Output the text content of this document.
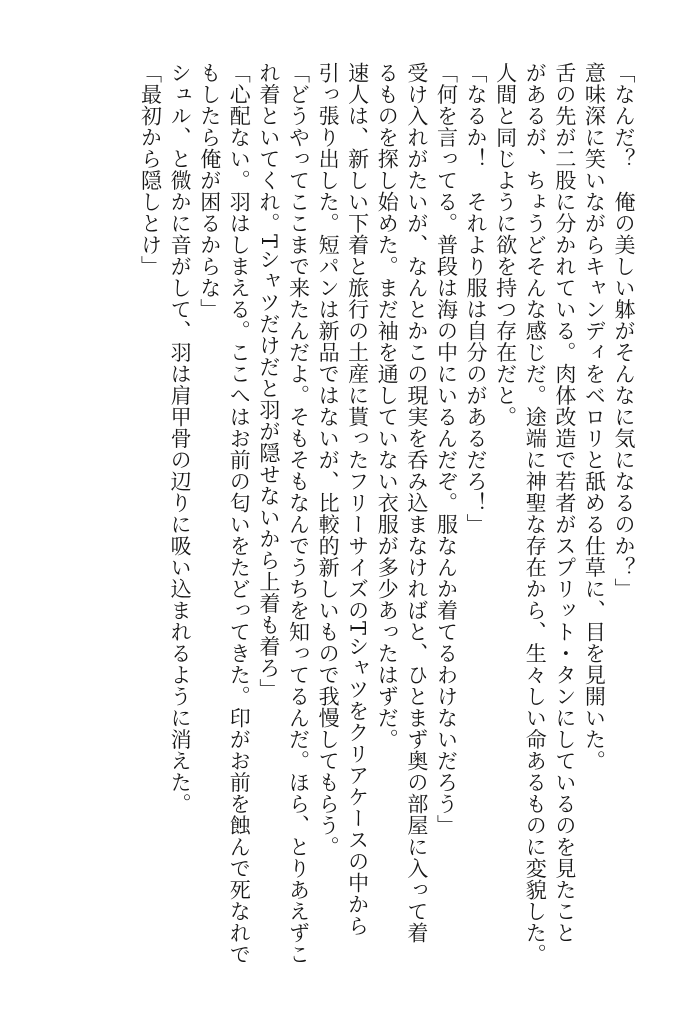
「なんだ？　俺の美しい躰がそんなに気になるのか？」
意味深に笑いながらキャンディをベロリと舐める仕草に、目を見開いた。
舌の先が二股に分かれている。肉体改造で若者がスプリット・タンにしているのを見たこと
があるが、ちょうどそんな感じだ。途端に神聖な存在から、生々しい命あるものに変貌した。
人間と同じように欲を持つ存在だと。
「なるか！　それより服は自分のがあるだろ！」
「何を言ってる。普段は海の中にいるんだぞ。服なんか着てるわけないだろう」
受け入れがたいが、なんとかこの現実を呑み込まなければと、ひとまず奥の部屋に入って着
るものを探し始めた。まだ袖を通していない衣服が多少あったはずだ。
速人は、新しい下着と旅行の土産に貰ったフリーサイズのTシャツをクリアケースの中から
引っ張り出した。短パンは新品ではないが、比較的新しいもので我慢してもらう。
「どうやってここまで来たんだよ。そもそもなんでうちを知ってるんだ。ほら、とりあえずこ
れ着といてくれ。Tシャツだけだと羽が隠せないから上着も着ろ」
「心配ない。羽はしまえる。ここへはお前の匂いをたどってきた。印がお前を蝕んで死なれで
もしたら俺が困るからな」
シュル、と微かに音がして、羽は肩甲骨の辺りに吸い込まれるように消えた。
「最初から隠しとけ」
